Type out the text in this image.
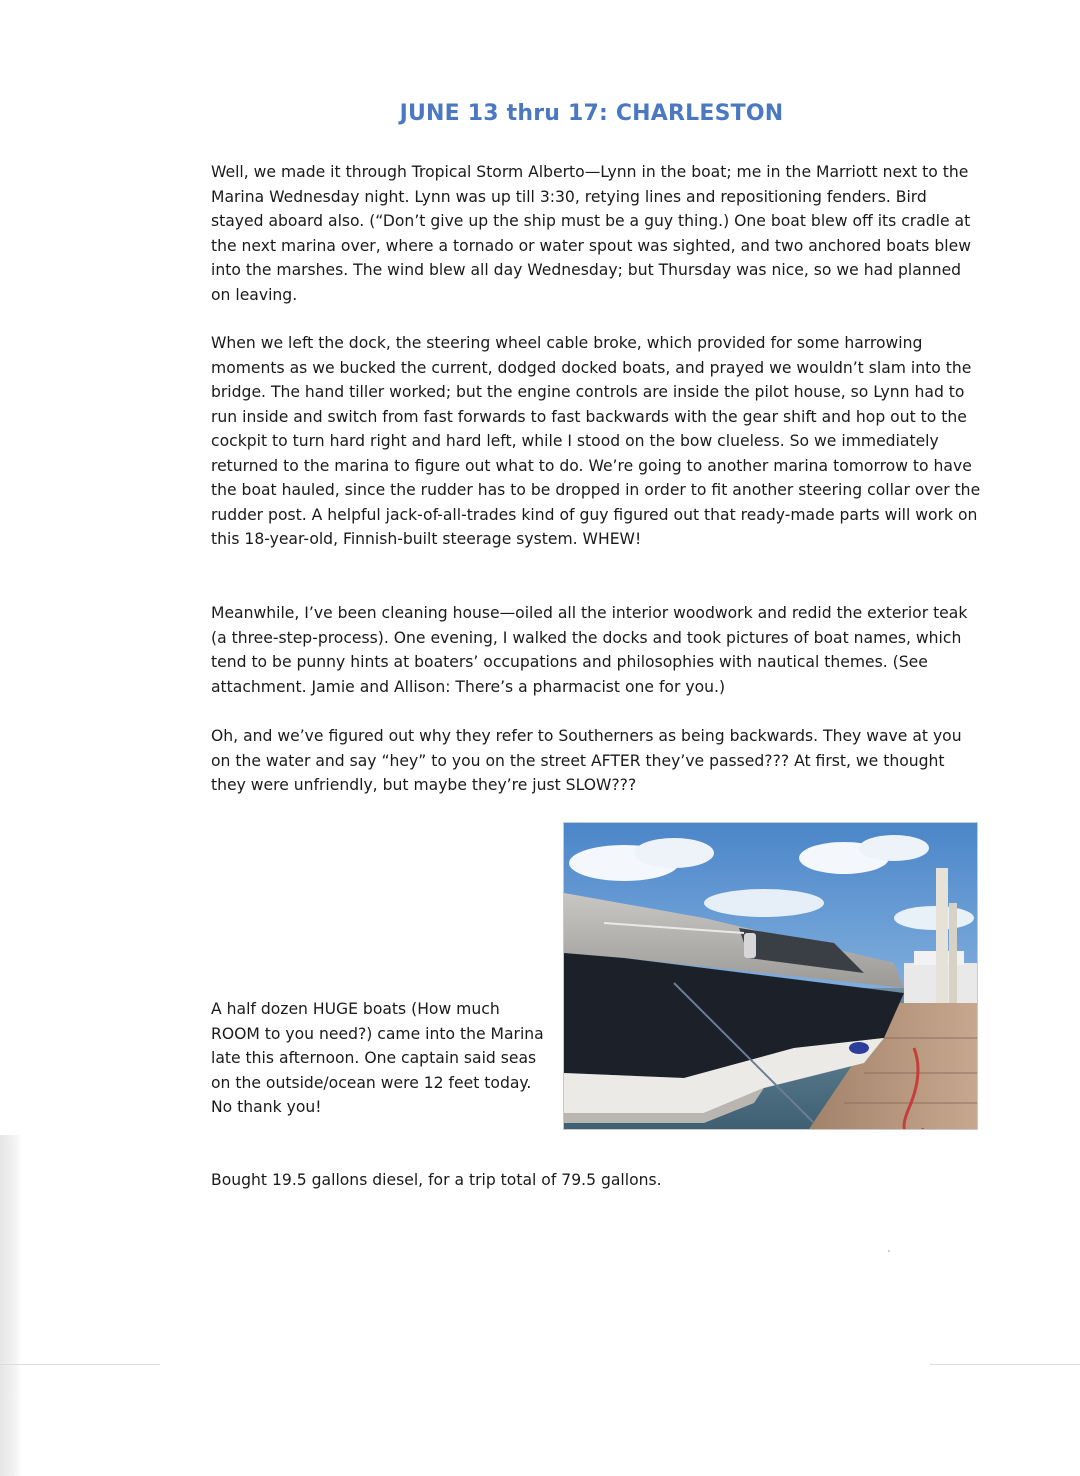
JUNE 13 thru 17: CHARLESTON

Well, we made it through Tropical Storm Alberto—Lynn in the boat; me in the Marriott next to the Marina Wednesday night. Lynn was up till 3:30, retying lines and repositioning fenders. Bird stayed aboard also. (“Don’t give up the ship must be a guy thing.) One boat blew off its cradle at the next marina over, where a tornado or water spout was sighted, and two anchored boats blew into the marshes. The wind blew all day Wednesday; but Thursday was nice, so we had planned on leaving.

When we left the dock, the steering wheel cable broke, which provided for some harrowing moments as we bucked the current, dodged docked boats, and prayed we wouldn’t slam into the bridge. The hand tiller worked; but the engine controls are inside the pilot house, so Lynn had to run inside and switch from fast forwards to fast backwards with the gear shift and hop out to the cockpit to turn hard right and hard left, while I stood on the bow clueless. So we immediately returned to the marina to figure out what to do. We’re going to another marina tomorrow to have the boat hauled, since the rudder has to be dropped in order to fit another steering collar over the rudder post. A helpful jack-of-all-trades kind of guy figured out that ready-made parts will work on this 18-year-old, Finnish-built steerage system. WHEW!

Meanwhile, I’ve been cleaning house—oiled all the interior woodwork and redid the exterior teak (a three-step-process). One evening, I walked the docks and took pictures of boat names, which tend to be punny hints at boaters’ occupations and philosophies with nautical themes. (See attachment. Jamie and Allison: There’s a pharmacist one for you.)

Oh, and we’ve figured out why they refer to Southerners as being backwards. They wave at you on the water and say “hey” to you on the street AFTER they’ve passed??? At first, we thought they were unfriendly, but maybe they’re just SLOW???

A half dozen HUGE boats (How much ROOM to you need?) came into the Marina late this afternoon. One captain said seas on the outside/ocean were 12 feet today. No thank you!

Bought 19.5 gallons diesel, for a trip total of 79.5 gallons.
